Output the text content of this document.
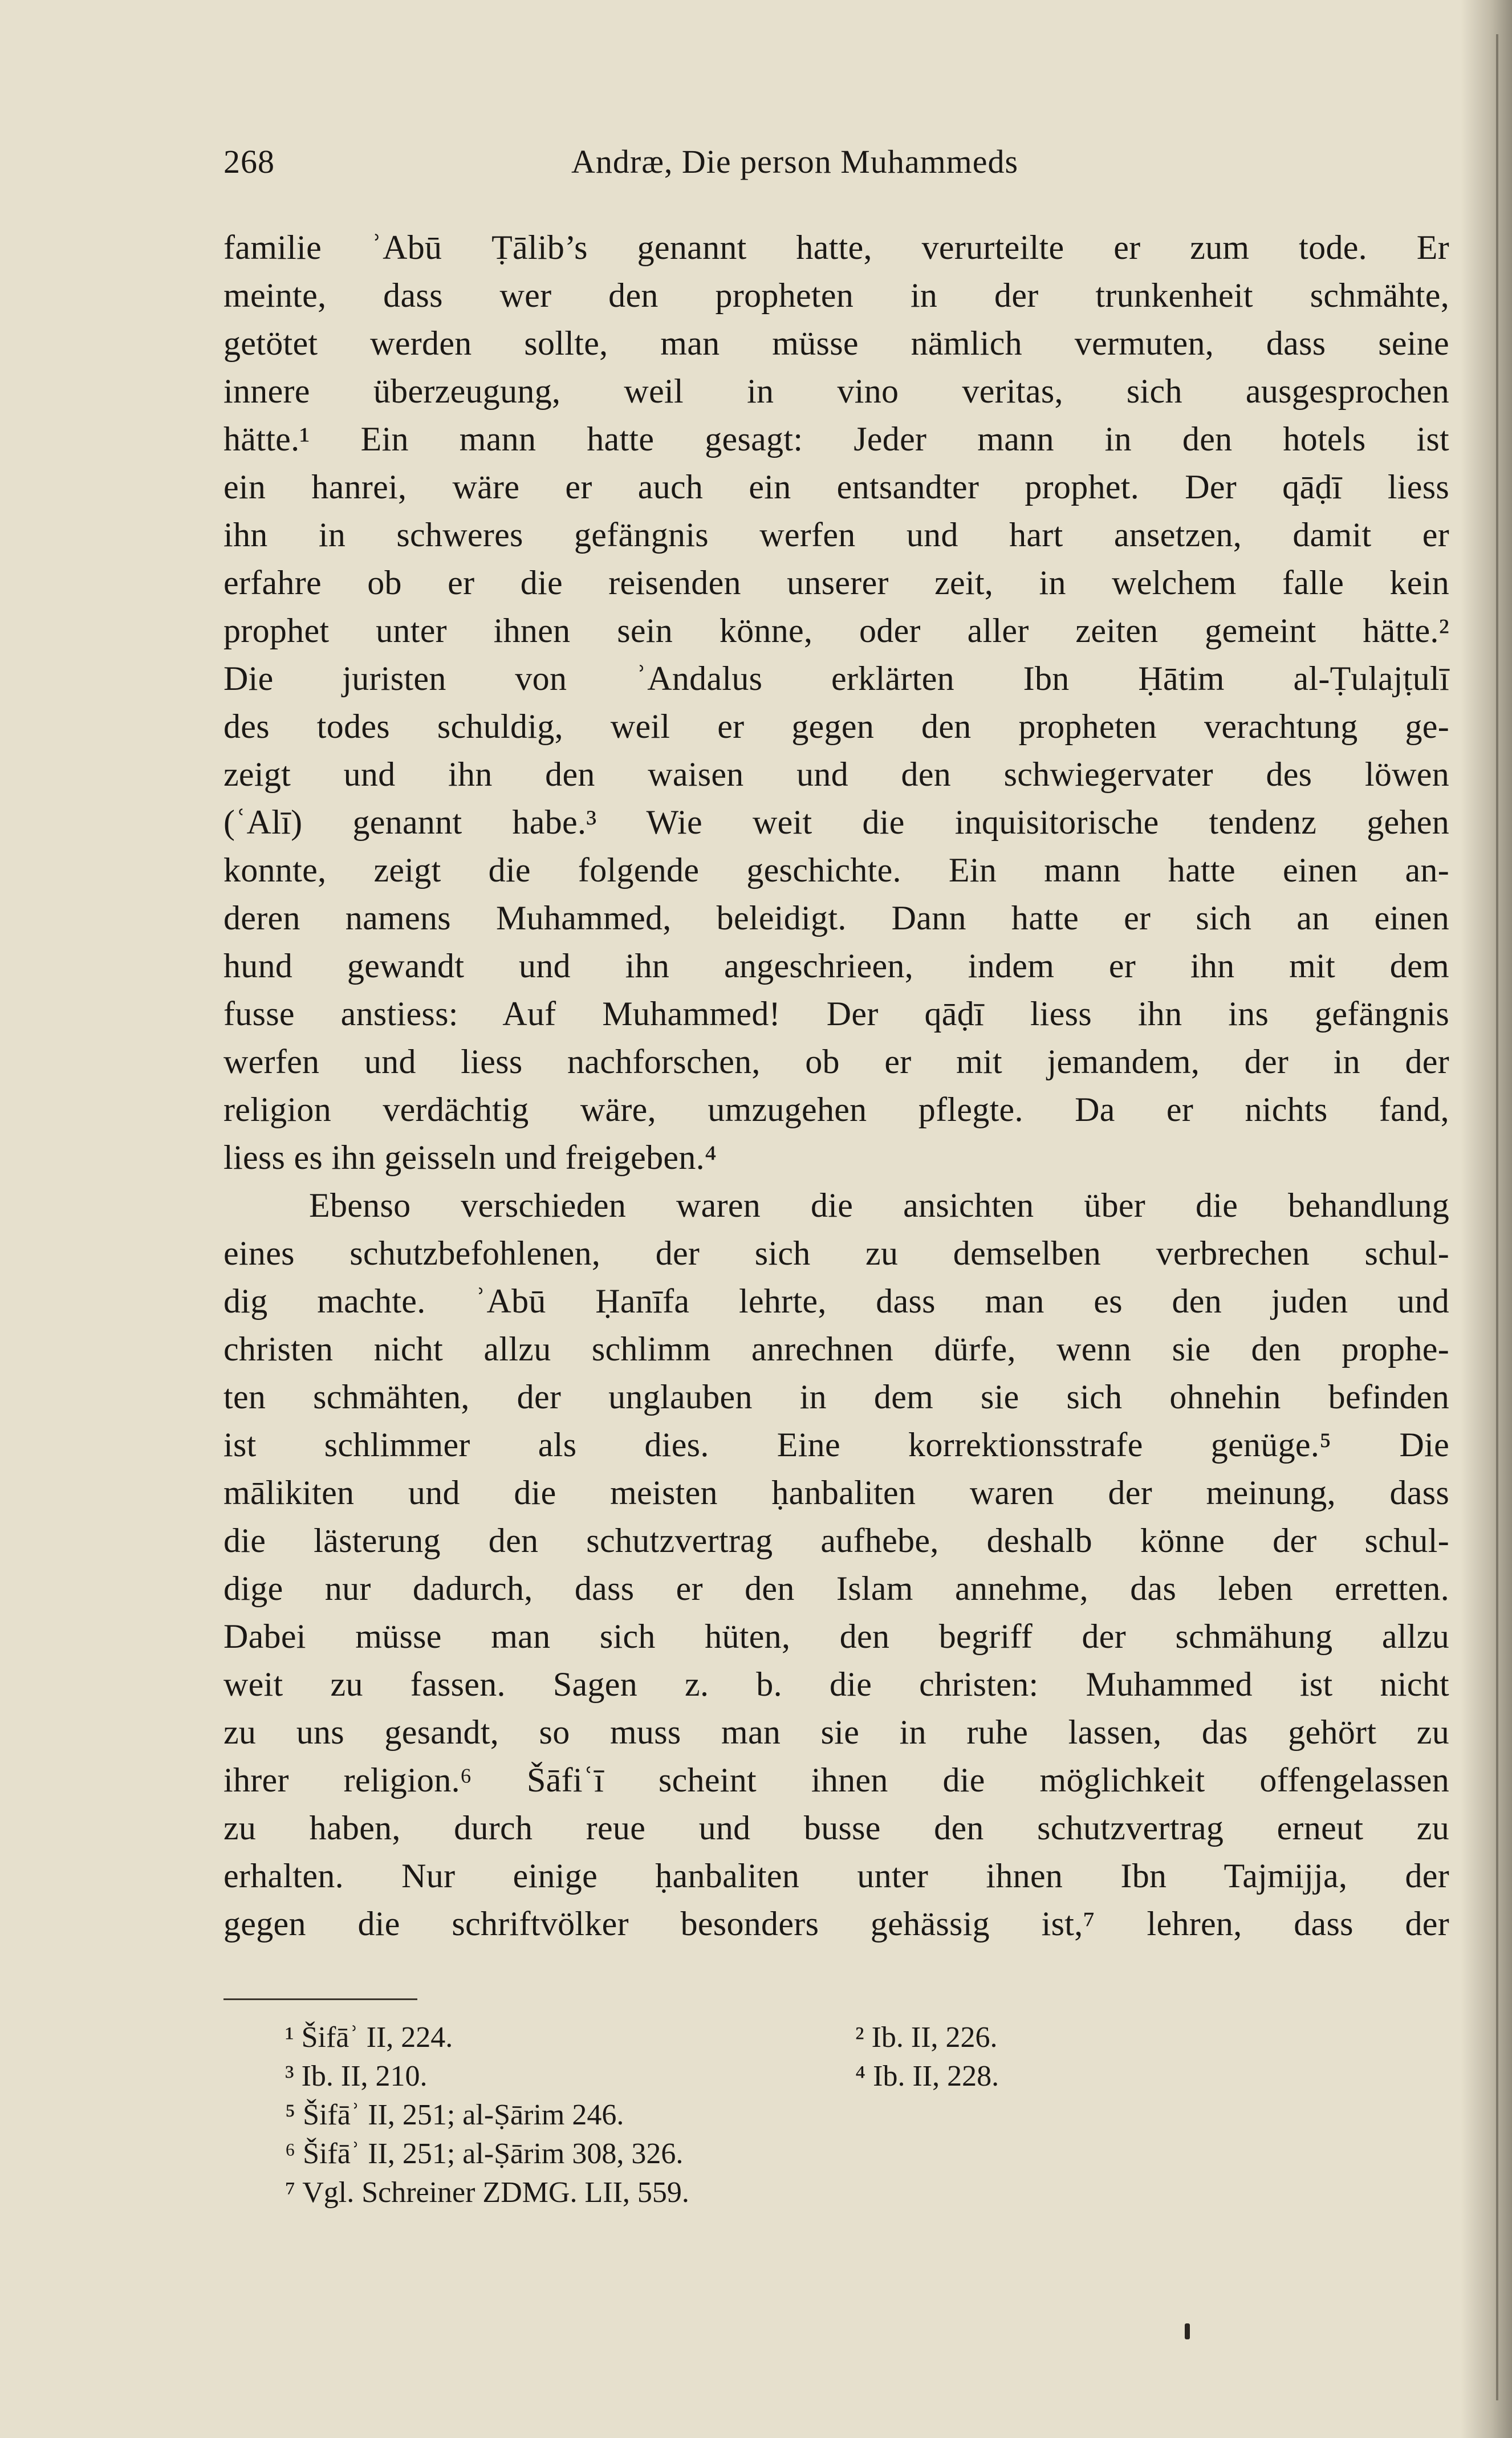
268	Andræ, Die person Muhammeds
familie ʾAbū Ṭālib’s genannt hatte, verurteilte er zum tode. Er
meinte, dass wer den propheten in der trunkenheit schmähte,
getötet werden sollte, man müsse nämlich vermuten, dass seine
innere überzeugung, weil in vino veritas, sich ausgesprochen
hätte.¹ Ein mann hatte gesagt: Jeder mann in den hotels ist
ein hanrei, wäre er auch ein entsandter prophet. Der qāḍī liess
ihn in schweres gefängnis werfen und hart ansetzen, damit er
erfahre ob er die reisenden unserer zeit, in welchem falle kein
prophet unter ihnen sein könne, oder aller zeiten gemeint hätte.²
Die juristen von ʾAndalus erklärten Ibn Ḥātim al-Ṭulajṭulī
des todes schuldig, weil er gegen den propheten verachtung ge-
zeigt und ihn den waisen und den schwiegervater des löwen
(ʿAlī) genannt habe.³ Wie weit die inquisitorische tendenz gehen
konnte, zeigt die folgende geschichte. Ein mann hatte einen an-
deren namens Muhammed, beleidigt. Dann hatte er sich an einen
hund gewandt und ihn angeschrieen, indem er ihn mit dem
fusse anstiess: Auf Muhammed! Der qāḍī liess ihn ins gefängnis
werfen und liess nachforschen, ob er mit jemandem, der in der
religion verdächtig wäre, umzugehen pflegte. Da er nichts fand,
liess es ihn geisseln und freigeben.⁴
Ebenso verschieden waren die ansichten über die behandlung
eines schutzbefohlenen, der sich zu demselben verbrechen schul-
dig machte. ʾAbū Ḥanīfa lehrte, dass man es den juden und
christen nicht allzu schlimm anrechnen dürfe, wenn sie den prophe-
ten schmähten, der unglauben in dem sie sich ohnehin befinden
ist schlimmer als dies. Eine korrektionsstrafe genüge.⁵ Die
mālikiten und die meisten ḥanbaliten waren der meinung, dass
die lästerung den schutzvertrag aufhebe, deshalb könne der schul-
dige nur dadurch, dass er den Islam annehme, das leben erretten.
Dabei müsse man sich hüten, den begriff der schmähung allzu
weit zu fassen. Sagen z. b. die christen: Muhammed ist nicht
zu uns gesandt, so muss man sie in ruhe lassen, das gehört zu
ihrer religion.⁶ Šāfiʿī scheint ihnen die möglichkeit offengelassen
zu haben, durch reue und busse den schutzvertrag erneut zu
erhalten. Nur einige ḥanbaliten unter ihnen Ibn Tajmijja, der
gegen die schriftvölker besonders gehässig ist,⁷ lehren, dass der
¹ Šifāʾ II, 224.	² Ib. II, 226.
³ Ib. II, 210.	⁴ Ib. II, 228.
⁵ Šifāʾ II, 251; al-Ṣārim 246.
⁶ Šifāʾ II, 251; al-Ṣārim 308, 326.
⁷ Vgl. Schreiner ZDMG. LII, 559.
